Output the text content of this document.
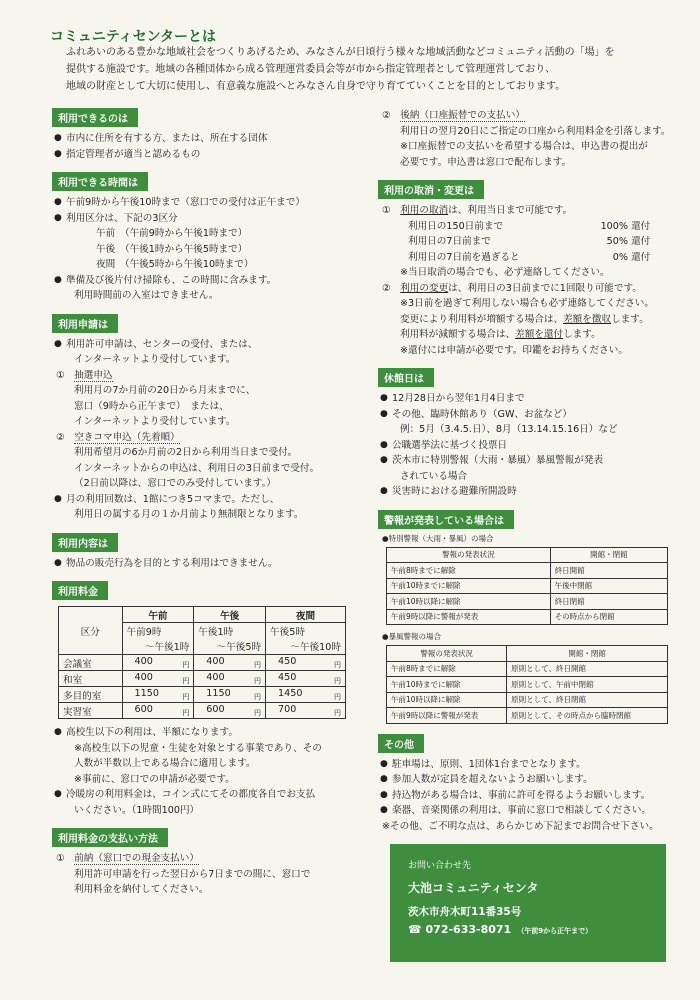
コミュニティセンターとは
ふれあいのある豊かな地域社会をつくりあげるため、みなさんが日頃行う様々な地域活動などコミュニティ活動の「場」を
提供する施設です。地域の各種団体から成る管理運営委員会等が市から指定管理者として管理運営しており、
地域の財産として大切に使用し、有意義な施設へとみなさん自身で守り育てていくことを目的としております。
利用できるのは
● 市内に住所を有する方、または、所在する団体
● 指定管理者が適当と認めるもの
利用できる時間は
● 午前9時から午後10時まで（窓口での受付は正午まで）
● 利用区分は、下記の3区分
午前　 （午前9時から午後1時まで）
午後　 （午後1時から午後5時まで）
夜間　 （午後5時から午後10時まで）
● 準備及び後片付け掃除も、この時間に含みます。
利用時間前の入室はできません。
利用申請は
● 利用許可申請は、センターの受付、または、
インターネットより受付しています。
①　 抽選申込
利用月の7か月前の20日から月末までに、
窓口（9時から正午まで）　または、
インターネットより受付しています。
②　 空きコマ申込（先着順）
利用希望月の6か月前の2日から利用当日まで受付。
インターネットからの申込は、利用日の3日前まで受付。
（2日前以降は、窓口でのみ受付しています。）
● 月の利用回数は、1館につき5コマまで。ただし、
利用日の属する月の１か月前より無制限となります。
利用内容は
● 物品の販売行為を目的とする利用はできません。
利用料金
区分	午前	午後	夜間
	午前9時	午後1時	午後5時
	～午後1時	～午後5時	～午後10時
会議室	400 円	400 円	450 円

和室	400 円	400 円	450 円

多目的室	1150 円	1150 円	1450 円

実習室	600 円	600 円	700 円
● 高校生以下の利用は、半額になります。
※高校生以下の児童・生徒を対象とする事業であり、その
人数が半数以上である場合に適用します。
※事前に、窓口での申請が必要です。
● 冷暖房の利用料金は、コイン式にてその都度各自でお支払
いください。（1時間100円）
利用料金の支払い方法
①　 前納（窓口での現金支払い）
利用許可申請を行った翌日から7日までの間に、窓口で
利用料金を納付してください。
②　 後納（口座振替での支払い）
利用日の翌月20日にご指定の口座から利用料金を引落します。
※口座振替での支払いを希望する場合は、申込書の提出が
必要です。申込書は窓口で配布します。
利用の取消・変更は
①　 利用の取消は、利用当日まで可能です。
利用日の150日前まで	100%
還付
利用日の7日前まで	50%
還付
利用日の7日前を過ぎると	0%
還付
※当日取消の場合でも、必ず連絡してください。
②　 利用の変更は、利用日の3日前までに1回限り可能です。
※3日前を過ぎて利用しない場合も必ず連絡してください。
変更により利用料が増額する場合は、差額を徴収します。
利用料が減額する場合は、差額を還付します。
※還付には申請が必要です。印鑑をお持ちください。
休館日は
● 12月28日から翌年1月4日まで
● その他、臨時休館あり（GW、お盆など）
例：5月（3.4.5.日）、8月（13.14.15.16日）など
● 公職選挙法に基づく投票日
● 茨木市に特別警報（大雨・暴風）暴風警報が発表
されている場合
● 災害時における避難所開設時
警報が発表している場合は
●特別警報（大雨・暴風）の場合
警報の発表状況	開館・閉館
午前8時までに解除	終日開館
午前10時までに解除	午後中閉館
午前10時以降に解除	終日閉館
午前9時以降に警報が発表	その時点から閉館
●暴風警報の場合
警報の発表状況	開館・閉館
午前8時までに解除	原則として、終日開館
午前10時までに解除	原則として、午前中閉館
午前10時以降に解除	原則として、終日閉館
午前9時以降に警報が発表	原則として、その時点から臨時閉館
その他
● 駐車場は、原則、1団体1台までとなります。
● 参加人数が定員を超えないようお願いします。
● 持込物がある場合は、事前に許可を得るようお願いします。
● 楽器、音楽関係の利用は、事前に窓口で相談してください。
※その他、ご不明な点は、あらかじめ下記までお問合せ下さい。
お問い合わせ先
大池コミュニティセンタ
茨木市舟木町11番35号
☎ 072-633-8071 （午前9から正午まで）
